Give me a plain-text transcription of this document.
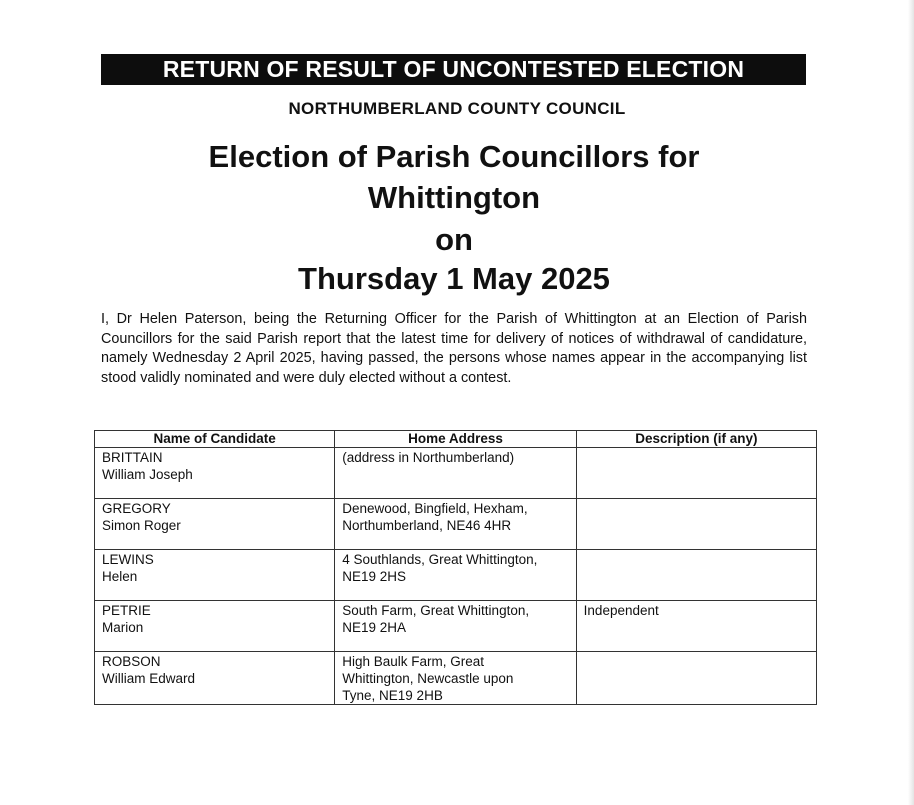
RETURN OF RESULT OF UNCONTESTED ELECTION
NORTHUMBERLAND COUNTY COUNCIL
Election of Parish Councillors for
Whittington
on
Thursday 1 May 2025

I, Dr Helen Paterson, being the Returning Officer for the Parish of Whittington at an Election of Parish Councillors for the said Parish report that the latest time for delivery of notices of withdrawal of candidature, namely Wednesday 2 April 2025, having passed, the persons whose names appear in the accompanying list stood validly nominated and were duly elected without a contest.

Name of Candidate	Home Address	Description (if any)

BRITTAIN
William Joseph	(address in Northumberland)	

GREGORY
Simon Roger	Denewood, Bingfield, Hexham,
Northumberland, NE46 4HR	

LEWINS
Helen	4 Southlands, Great Whittington,
NE19 2HS	

PETRIE
Marion	South Farm, Great Whittington,
NE19 2HA	Independent

ROBSON
William Edward	High Baulk Farm, Great
Whittington, Newcastle upon
Tyne, NE19 2HB	
